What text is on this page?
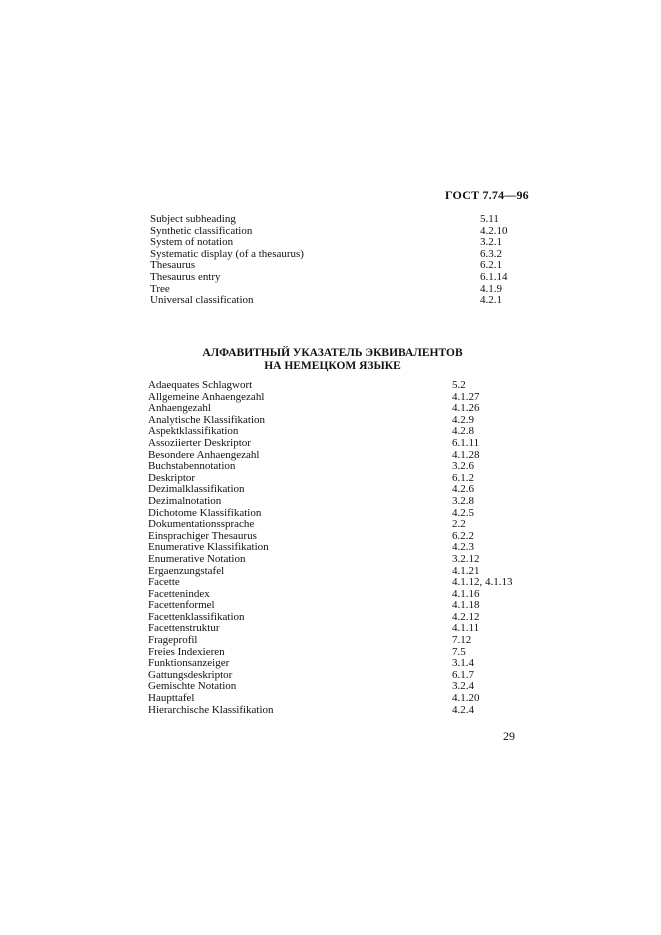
ГОСТ 7.74—96
Subject subheading	5.11
Synthetic classification	4.2.10
System of notation	3.2.1
Systematic display (of a thesaurus)	6.3.2
Thesaurus	6.2.1
Thesaurus entry	6.1.14
Tree	4.1.9
Universal classification	4.2.1
АЛФАВИТНЫЙ УКАЗАТЕЛЬ ЭКВИВАЛЕНТОВ
НА НЕМЕЦКОМ ЯЗЫКЕ
Adaequates Schlagwort	5.2
Allgemeine Anhaengezahl	4.1.27
Anhaengezahl	4.1.26
Analytische Klassifikation	4.2.9
Aspektklassifikation	4.2.8
Assoziierter Deskriptor	6.1.11
Besondere Anhaengezahl	4.1.28
Buchstabennotation	3.2.6
Deskriptor	6.1.2
Dezimalklassifikation	4.2.6
Dezimalnotation	3.2.8
Dichotome Klassifikation	4.2.5
Dokumentationssprache	2.2
Einsprachiger Thesaurus	6.2.2
Enumerative Klassifikation	4.2.3
Enumerative Notation	3.2.12
Ergaenzungstafel	4.1.21
Facette	4.1.12, 4.1.13
Facettenindex	4.1.16
Facettenformel	4.1.18
Facettenklassifikation	4.2.12
Facettenstruktur	4.1.11
Frageprofil	7.12
Freies Indexieren	7.5
Funktionsanzeiger	3.1.4
Gattungsdeskriptor	6.1.7
Gemischte Notation	3.2.4
Haupttafel	4.1.20
Hierarchische Klassifikation	4.2.4
29
